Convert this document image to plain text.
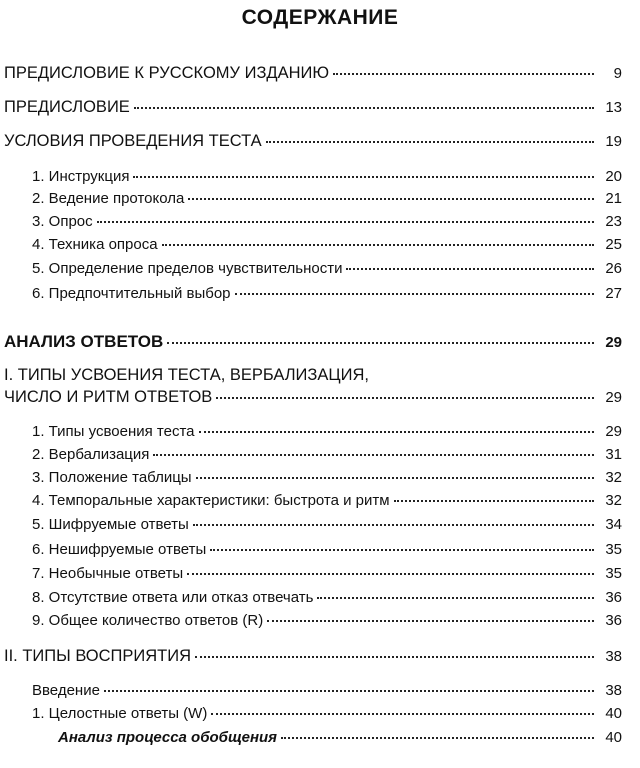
СОДЕРЖАНИЕ
ПРЕДИСЛОВИЕ К РУССКОМУ ИЗДАНИЮ	9
ПРЕДИСЛОВИЕ	13
УСЛОВИЯ ПРОВЕДЕНИЯ ТЕСТА	19
1. Инструкция	20
2. Ведение протокола	21
3. Опрос	23
4. Техника опроса	25
5. Определение пределов чувствительности	26
6. Предпочтительный выбор	27
АНАЛИЗ ОТВЕТОВ	29
I. ТИПЫ УСВОЕНИЯ ТЕСТА, ВЕРБАЛИЗАЦИЯ,
ЧИСЛО И РИТМ ОТВЕТОВ	29
1. Типы усвоения теста	29
2. Вербализация	31
3. Положение таблицы	32
4. Темпоральные характеристики: быстрота и ритм	32
5. Шифруемые ответы	34
6. Нешифруемые ответы	35
7. Необычные ответы	35
8. Отсутствие ответа или отказ отвечать	36
9. Общее количество ответов (R)	36
II. ТИПЫ ВОСПРИЯТИЯ	38
Введение	38
1. Целостные ответы (W)	40
Анализ процесса обобщения	40
